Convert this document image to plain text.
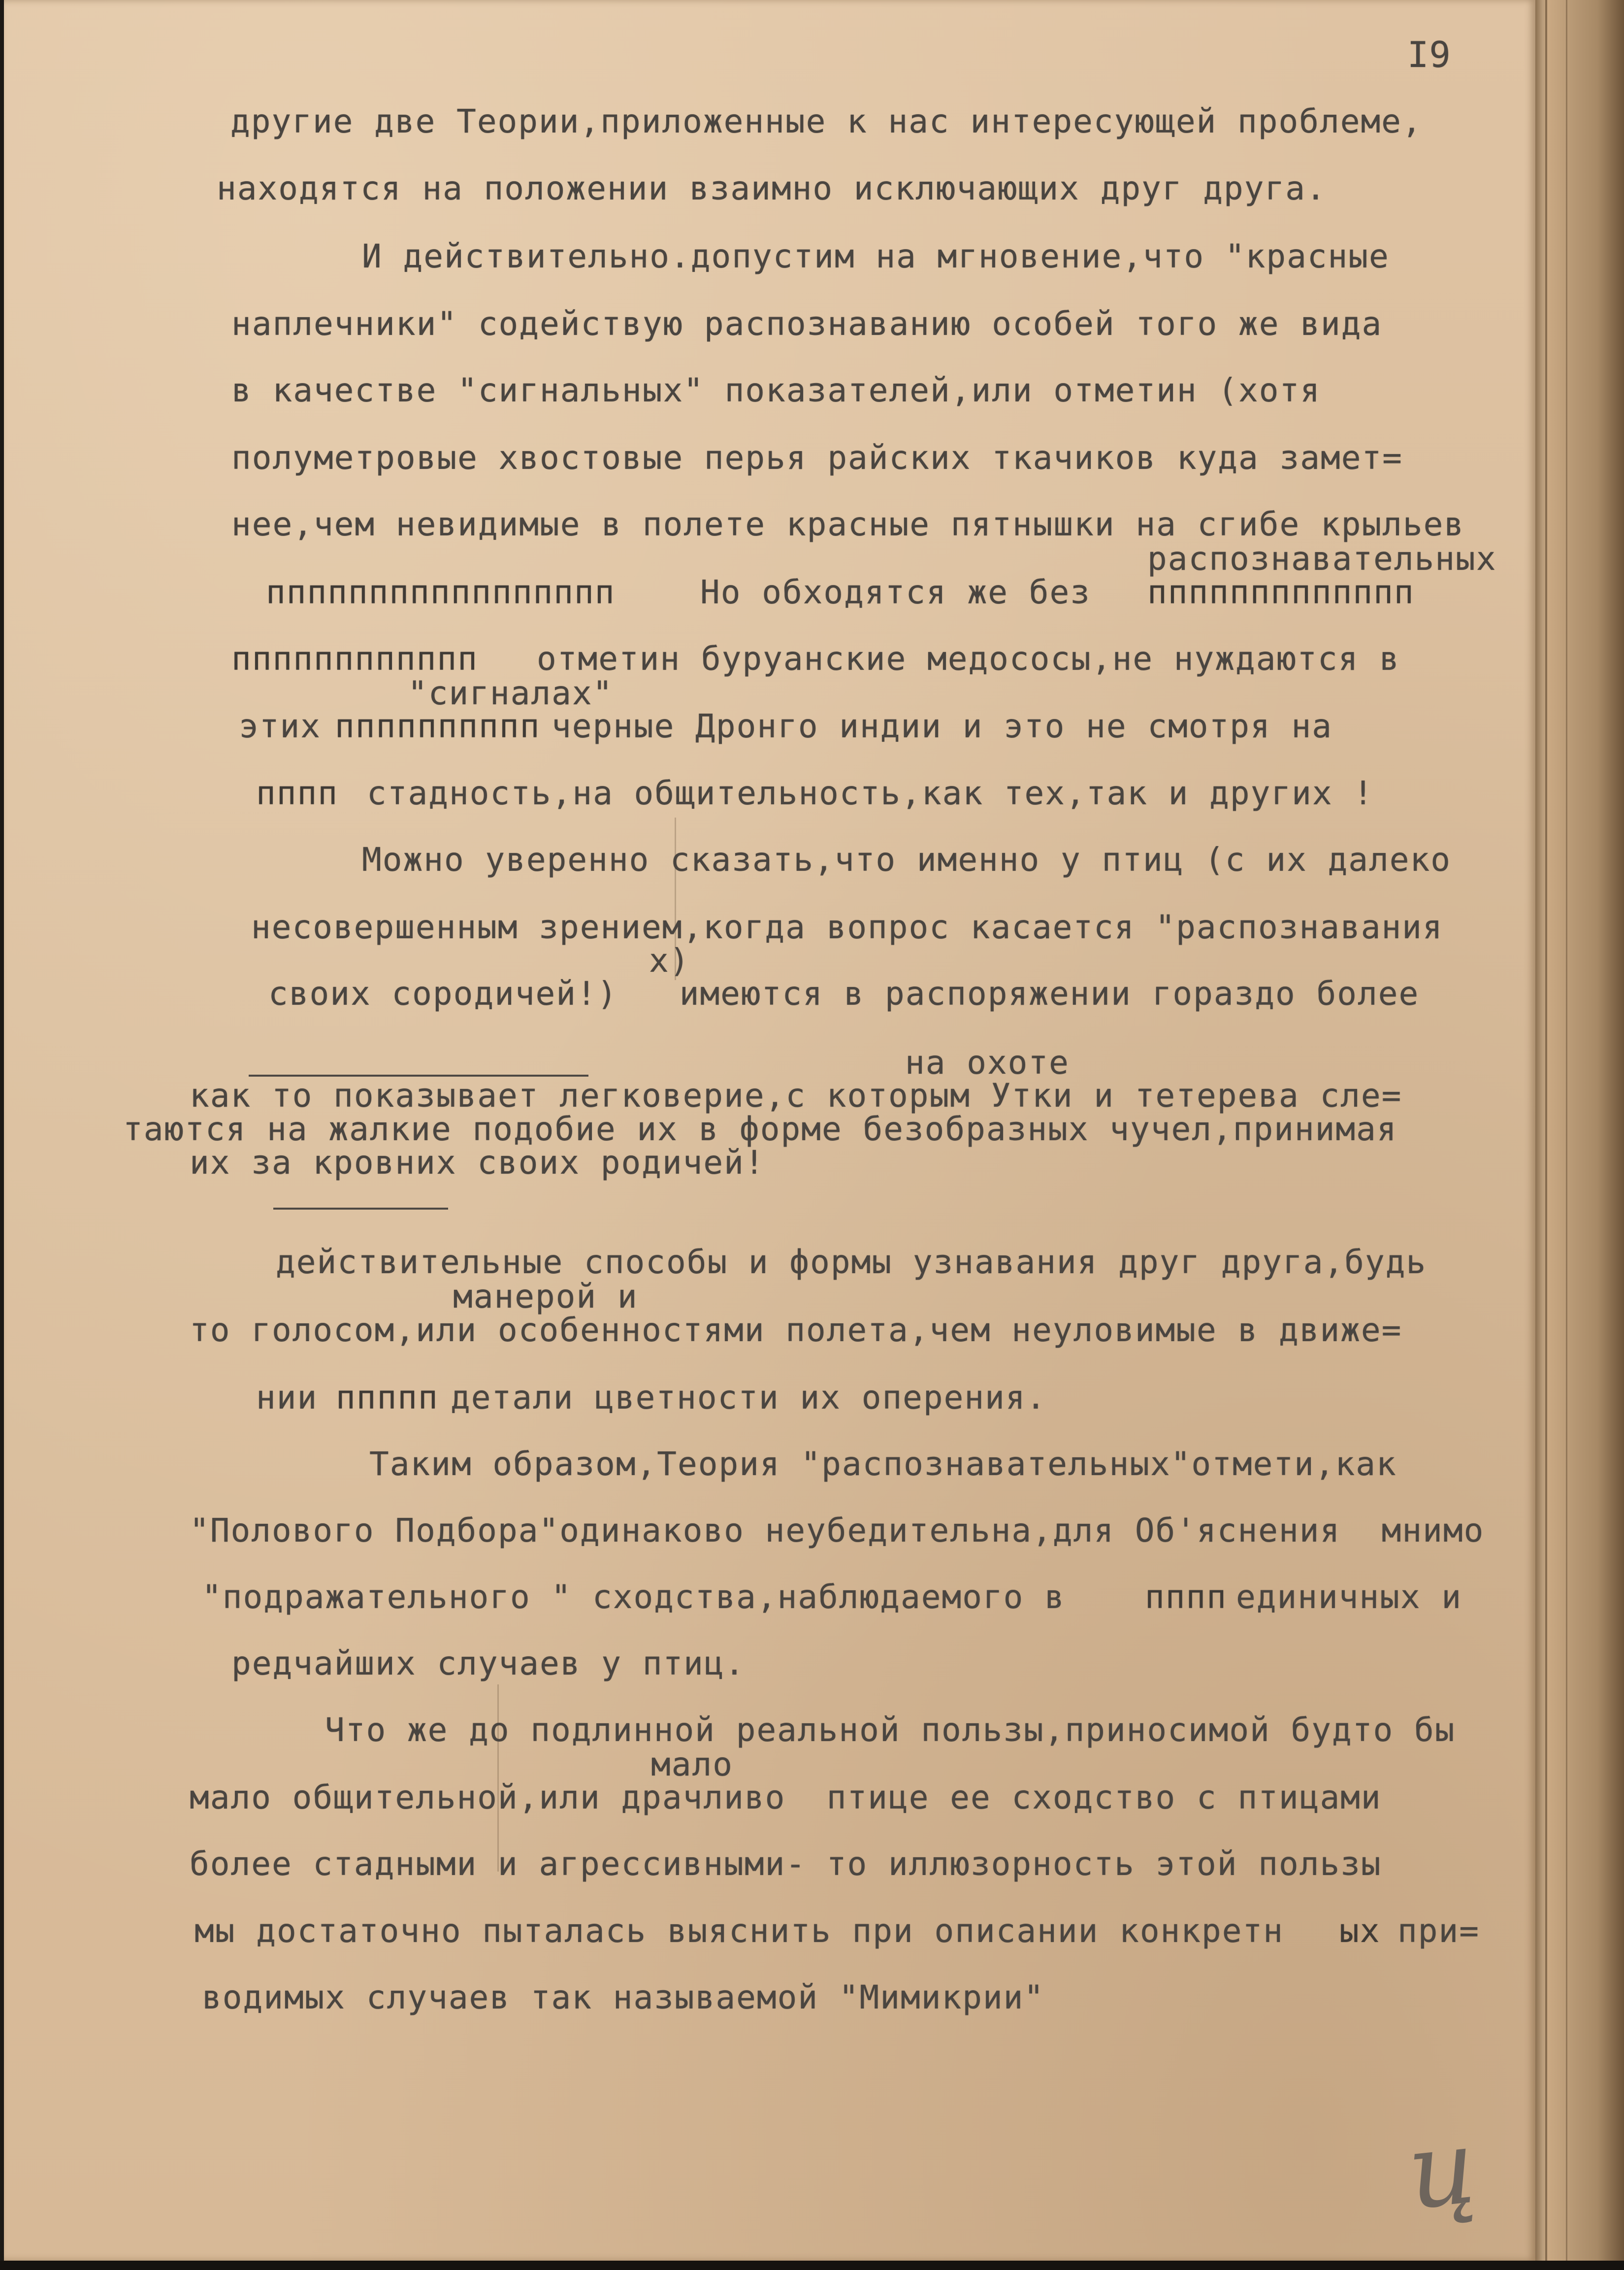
I9
другие две Теории,приложенные к нас интересующей проблеме,
находятся на положении взаимно исключающих друг друга.
И действительно.допустим на мгновение,что "красные
наплечники" содействую распознаванию особей того же вида
в качестве "сигнальных" показателей,или отметин (хотя
полуметровые хвостовые перья райских ткачиков куда замет=
нее,чем невидимые в полете красные пятнышки на сгибе крыльев
распознавательных
ппппппппппппппппп	Но обходятся же без ппппппппппппп
пппппппппппп отметин буруанские медососы,не нуждаются в
"сигналах"
этих пппппппппп черные Дронго индии и это не смотря на
пппп стадность,на общительность,как тех,так и других !
Можно уверенно сказать,что именно у птиц (с их далеко
несовершенным зрением,когда вопрос касается "распознавания
х)
своих сородичей!)   имеются в распоряжении гораздо более
на охоте
как то показывает легковерие,с которым Утки и тетерева сле=
таются на жалкие подобие их в форме безобразных чучел,принимая
их за кровних своих родичей!
действительные способы и формы узнавания друг друга,будь
манерой и
то голосом,или особенностями полета,чем неуловимые в движе=
нии ппппп детали цветности их оперения.
Таким образом,Теория "распознавательных"отмети,как
"Полового Подбора"одинаково неубедительна,для Об'яснения  мнимо
"подражательного " сходства,наблюдаемого в пппп единичных и
редчайших случаев у птиц.
Что же до подлинной реальной пользы,приносимой будто бы
мало
мало общительной,или драчливо  птице ее сходство с птицами
более стадными и агрессивными- то иллюзорность этой пользы
мы достаточно пыталась выяснить при описании конкретн ых при=
водимых случаев так называемой "Мимикрии"
ų
